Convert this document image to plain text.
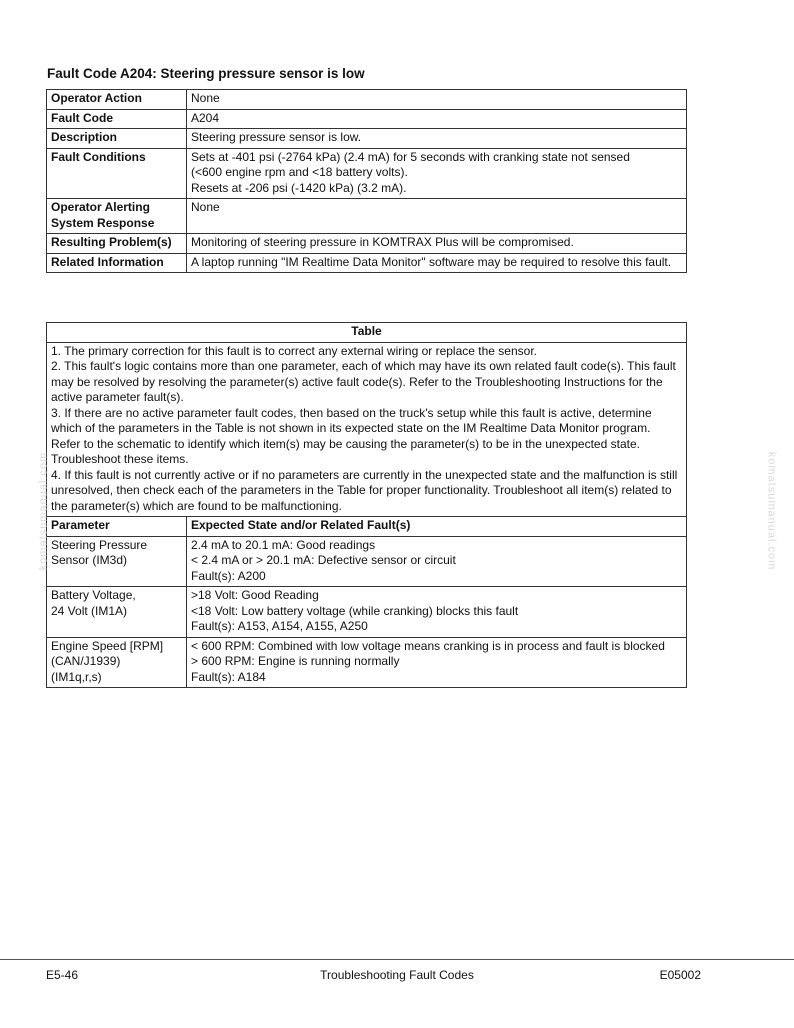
Fault Code A204: Steering pressure sensor is low
Operator Action	None

Fault Code	A204

Description	Steering pressure sensor is low.

Fault Conditions	Sets at -401 psi (-2764 kPa) (2.4 mA) for 5 seconds with cranking state not sensed
(<600 engine rpm and <18 battery volts).
Resets at -206 psi (-1420 kPa) (3.2 mA).

Operator Alerting System Response	None

Resulting Problem(s)	Monitoring of steering pressure in KOMTRAX Plus will be compromised.

Related Information	A laptop running "IM Realtime Data Monitor" software may be required to resolve this fault.
Table	

1. The primary correction for this fault is to correct any external wiring or replace the sensor.
2. This fault's logic contains more than one parameter, each of which may have its own related fault code(s). This fault may be resolved by resolving the parameter(s) active fault code(s). Refer to the Troubleshooting Instructions for the active parameter fault(s).
3. If there are no active parameter fault codes, then based on the truck's setup while this fault is active, determine which of the parameters in the Table is not shown in its expected state on the IM Realtime Data Monitor program. Refer to the schematic to identify which item(s) may be causing the parameter(s) to be in the unexpected state. Troubleshoot these items.
4. If this fault is not currently active or if no parameters are currently in the unexpected state and the malfunction is still unresolved, then check each of the parameters in the Table for proper functionality. Troubleshoot all item(s) related to the parameter(s) which are found to be malfunctioning.	

Parameter	Expected State and/or Related Fault(s)

Steering Pressure
Sensor (IM3d)	2.4 mA to 20.1 mA: Good readings
< 2.4 mA or > 20.1 mA: Defective sensor or circuit
Fault(s): A200

Battery Voltage,
24 Volt (IM1A)	>18 Volt: Good Reading
<18 Volt: Low battery voltage (while cranking) blocks this fault
Fault(s): A153, A154, A155, A250

Engine Speed [RPM]
(CAN/J1939)
(IM1q,r,s)	< 600 RPM: Combined with low voltage means cranking is in process and fault is blocked
> 600 RPM: Engine is running normally
Fault(s): A184
komatsumanual.com	komatsumanual.com
E5-46	Troubleshooting Fault Codes	E05002
